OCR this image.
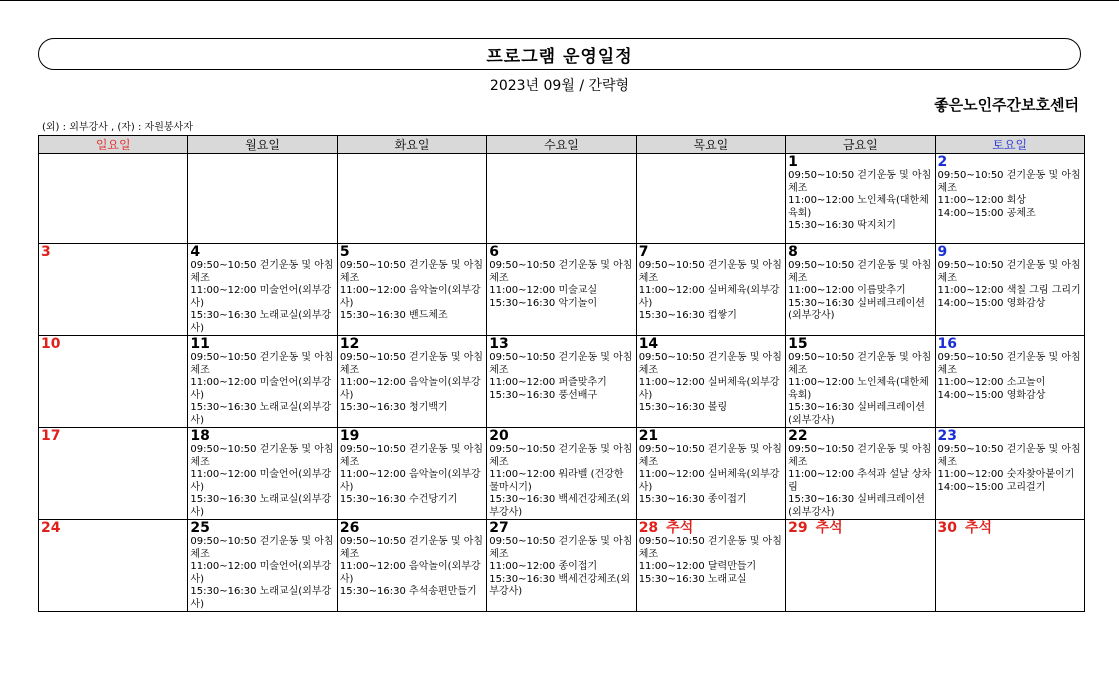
프로그램 운영일정
2023년 09월 / 간략형
좋은노인주간보호센터
(외) : 외부강사 , (자) : 자원봉사자
일요일	월요일	화요일	수요일	목요일	금요일	토요일

					1
09:50~10:50 걷기운동 및 아침체조
11:00~12:00 노인체육(대한체육회)
15:30~16:30 딱지치기	2
09:50~10:50 걷기운동 및 아침체조
11:00~12:00 회상
14:00~15:00 공체조

3	4
09:50~10:50 걷기운동 및 아침체조
11:00~12:00 미술언어(외부강사)
15:30~16:30 노래교실(외부강사)	5
09:50~10:50 걷기운동 및 아침체조
11:00~12:00 음악놀이(외부강사)
15:30~16:30 밴드체조	6
09:50~10:50 걷기운동 및 아침체조
11:00~12:00 미술교실
15:30~16:30 악기놀이	7
09:50~10:50 걷기운동 및 아침체조
11:00~12:00 실버체육(외부강사)
15:30~16:30 컵쌓기	8
09:50~10:50 걷기운동 및 아침체조
11:00~12:00 이름맞추기
15:30~16:30 실버레크레이션(외부강사)	9
09:50~10:50 걷기운동 및 아침체조
11:00~12:00 색칠 그림 그리기
14:00~15:00 영화감상

10	11
09:50~10:50 걷기운동 및 아침체조
11:00~12:00 미술언어(외부강사)
15:30~16:30 노래교실(외부강사)	12
09:50~10:50 걷기운동 및 아침체조
11:00~12:00 음악놀이(외부강사)
15:30~16:30 청기백기	13
09:50~10:50 걷기운동 및 아침체조
11:00~12:00 퍼즐맞추기
15:30~16:30 풍선배구	14
09:50~10:50 걷기운동 및 아침체조
11:00~12:00 실버체육(외부강사)
15:30~16:30 볼링	15
09:50~10:50 걷기운동 및 아침체조
11:00~12:00 노인체육(대한체육회)
15:30~16:30 실버레크레이션(외부강사)	16
09:50~10:50 걷기운동 및 아침체조
11:00~12:00 소고놀이
14:00~15:00 영화감상

17	18
09:50~10:50 걷기운동 및 아침체조
11:00~12:00 미술언어(외부강사)
15:30~16:30 노래교실(외부강사)	19
09:50~10:50 걷기운동 및 아침체조
11:00~12:00 음악놀이(외부강사)
15:30~16:30 수건당기기	20
09:50~10:50 걷기운동 및 아침체조
11:00~12:00 워라벨 (건강한 물마시기)
15:30~16:30 백세건강체조(외부강사)	21
09:50~10:50 걷기운동 및 아침체조
11:00~12:00 실버체육(외부강사)
15:30~16:30 종이접기	22
09:50~10:50 걷기운동 및 아침체조
11:00~12:00 추석과 설날 상차림
15:30~16:30 실버레크레이션(외부강사)	23
09:50~10:50 걷기운동 및 아침체조
11:00~12:00 숫자찾아붙이기
14:00~15:00 고리걸기

24	25
09:50~10:50 걷기운동 및 아침체조
11:00~12:00 미술언어(외부강사)
15:30~16:30 노래교실(외부강사)	26
09:50~10:50 걷기운동 및 아침체조
11:00~12:00 음악놀이(외부강사)
15:30~16:30 추석송편만들기	27
09:50~10:50 걷기운동 및 아침체조
11:00~12:00 종이접기
15:30~16:30 백세건강체조(외부강사)	28 추석
09:50~10:50 걷기운동 및 아침체조
11:00~12:00 달력만들기
15:30~16:30 노래교실	29 추석	30 추석
